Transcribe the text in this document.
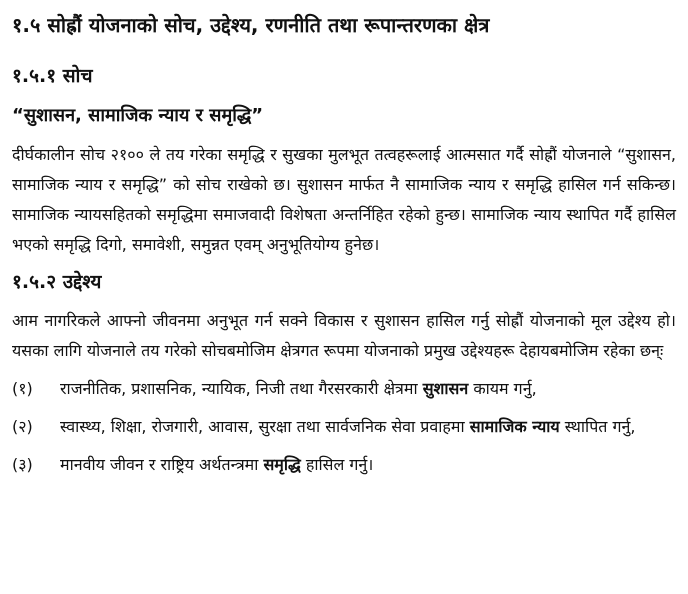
१.५ सोह्रौं योजनाको सोच, उद्देश्य, रणनीति तथा रूपान्तरणका क्षेत्र
१.५.१ सोच
“सुशासन, सामाजिक न्याय र समृद्धि”

दीर्घकालीन सोच २१०० ले तय गरेका समृद्धि र सुखका मुलभूत तत्वहरूलाई आत्मसात गर्दै सोह्रौं योजनाले “सुशासन, सामाजिक न्याय र समृद्धि” को सोच राखेको छ। सुशासन मार्फत नै सामाजिक न्याय र समृद्धि हासिल गर्न सकिन्छ। सामाजिक न्यायसहितको समृद्धिमा समाजवादी विशेषता अन्तर्निहित रहेको हुन्छ। सामाजिक न्याय स्थापित गर्दै हासिल भएको समृद्धि दिगो, समावेशी, समुन्नत एवम् अनुभूतियोग्य हुनेछ।

१.५.२ उद्देश्य

आम नागरिकले आफ्नो जीवनमा अनुभूत गर्न सक्ने विकास र सुशासन हासिल गर्नु सोह्रौं योजनाको मूल उद्देश्य हो। यसका लागि योजनाले तय गरेको सोचबमोजिम क्षेत्रगत रूपमा योजनाको प्रमुख उद्देश्यहरू देहायबमोजिम रहेका छन्ः

(१)	राजनीतिक, प्रशासनिक, न्यायिक, निजी तथा गैरसरकारी क्षेत्रमा सुशासन कायम गर्नु,
(२)	स्वास्थ्य, शिक्षा, रोजगारी, आवास, सुरक्षा तथा सार्वजनिक सेवा प्रवाहमा सामाजिक न्याय स्थापित गर्नु,
(३)	मानवीय जीवन र राष्ट्रिय अर्थतन्त्रमा समृद्धि हासिल गर्नु।
